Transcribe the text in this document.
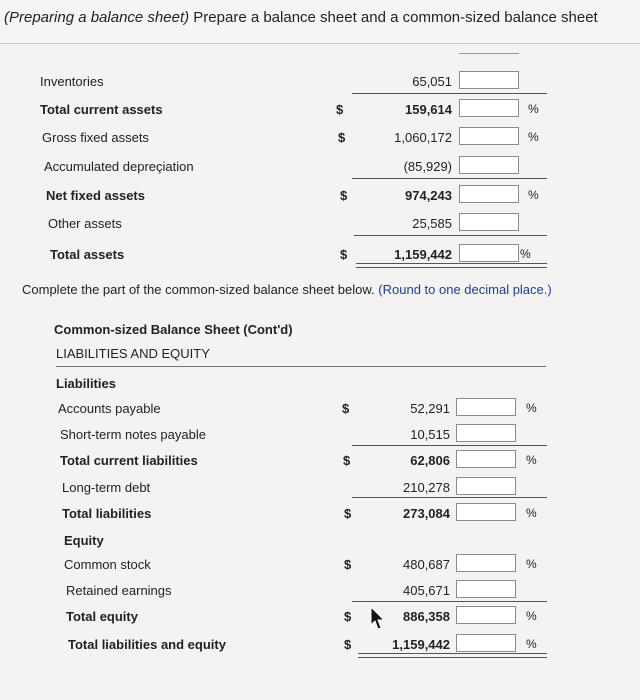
(Preparing a balance sheet) Prepare a balance sheet and a common-sized balance sheet
Inventories	65,051
Total current assets	$	159,614	%
Gross fixed assets	$	1,060,172	%
Accumulated depreçiation	(85,929)
Net fixed assets	$	974,243	%
Other assets	25,585
Total assets	$	1,159,442	%
Complete the part of the common-sized balance sheet below. (Round to one decimal place.)
Common-sized Balance Sheet (Cont'd)
LIABILITIES AND EQUITY
Liabilities
Accounts payable	$	52,291	%
Short-term notes payable	10,515
Total current liabilities	$	62,806	%
Long-term debt	210,278
Total liabilities	$	273,084	%
Equity
Common stock	$	480,687	%
Retained earnings	405,671
Total equity	$	886,358	%
Total liabilities and equity	$	1,159,442	%
